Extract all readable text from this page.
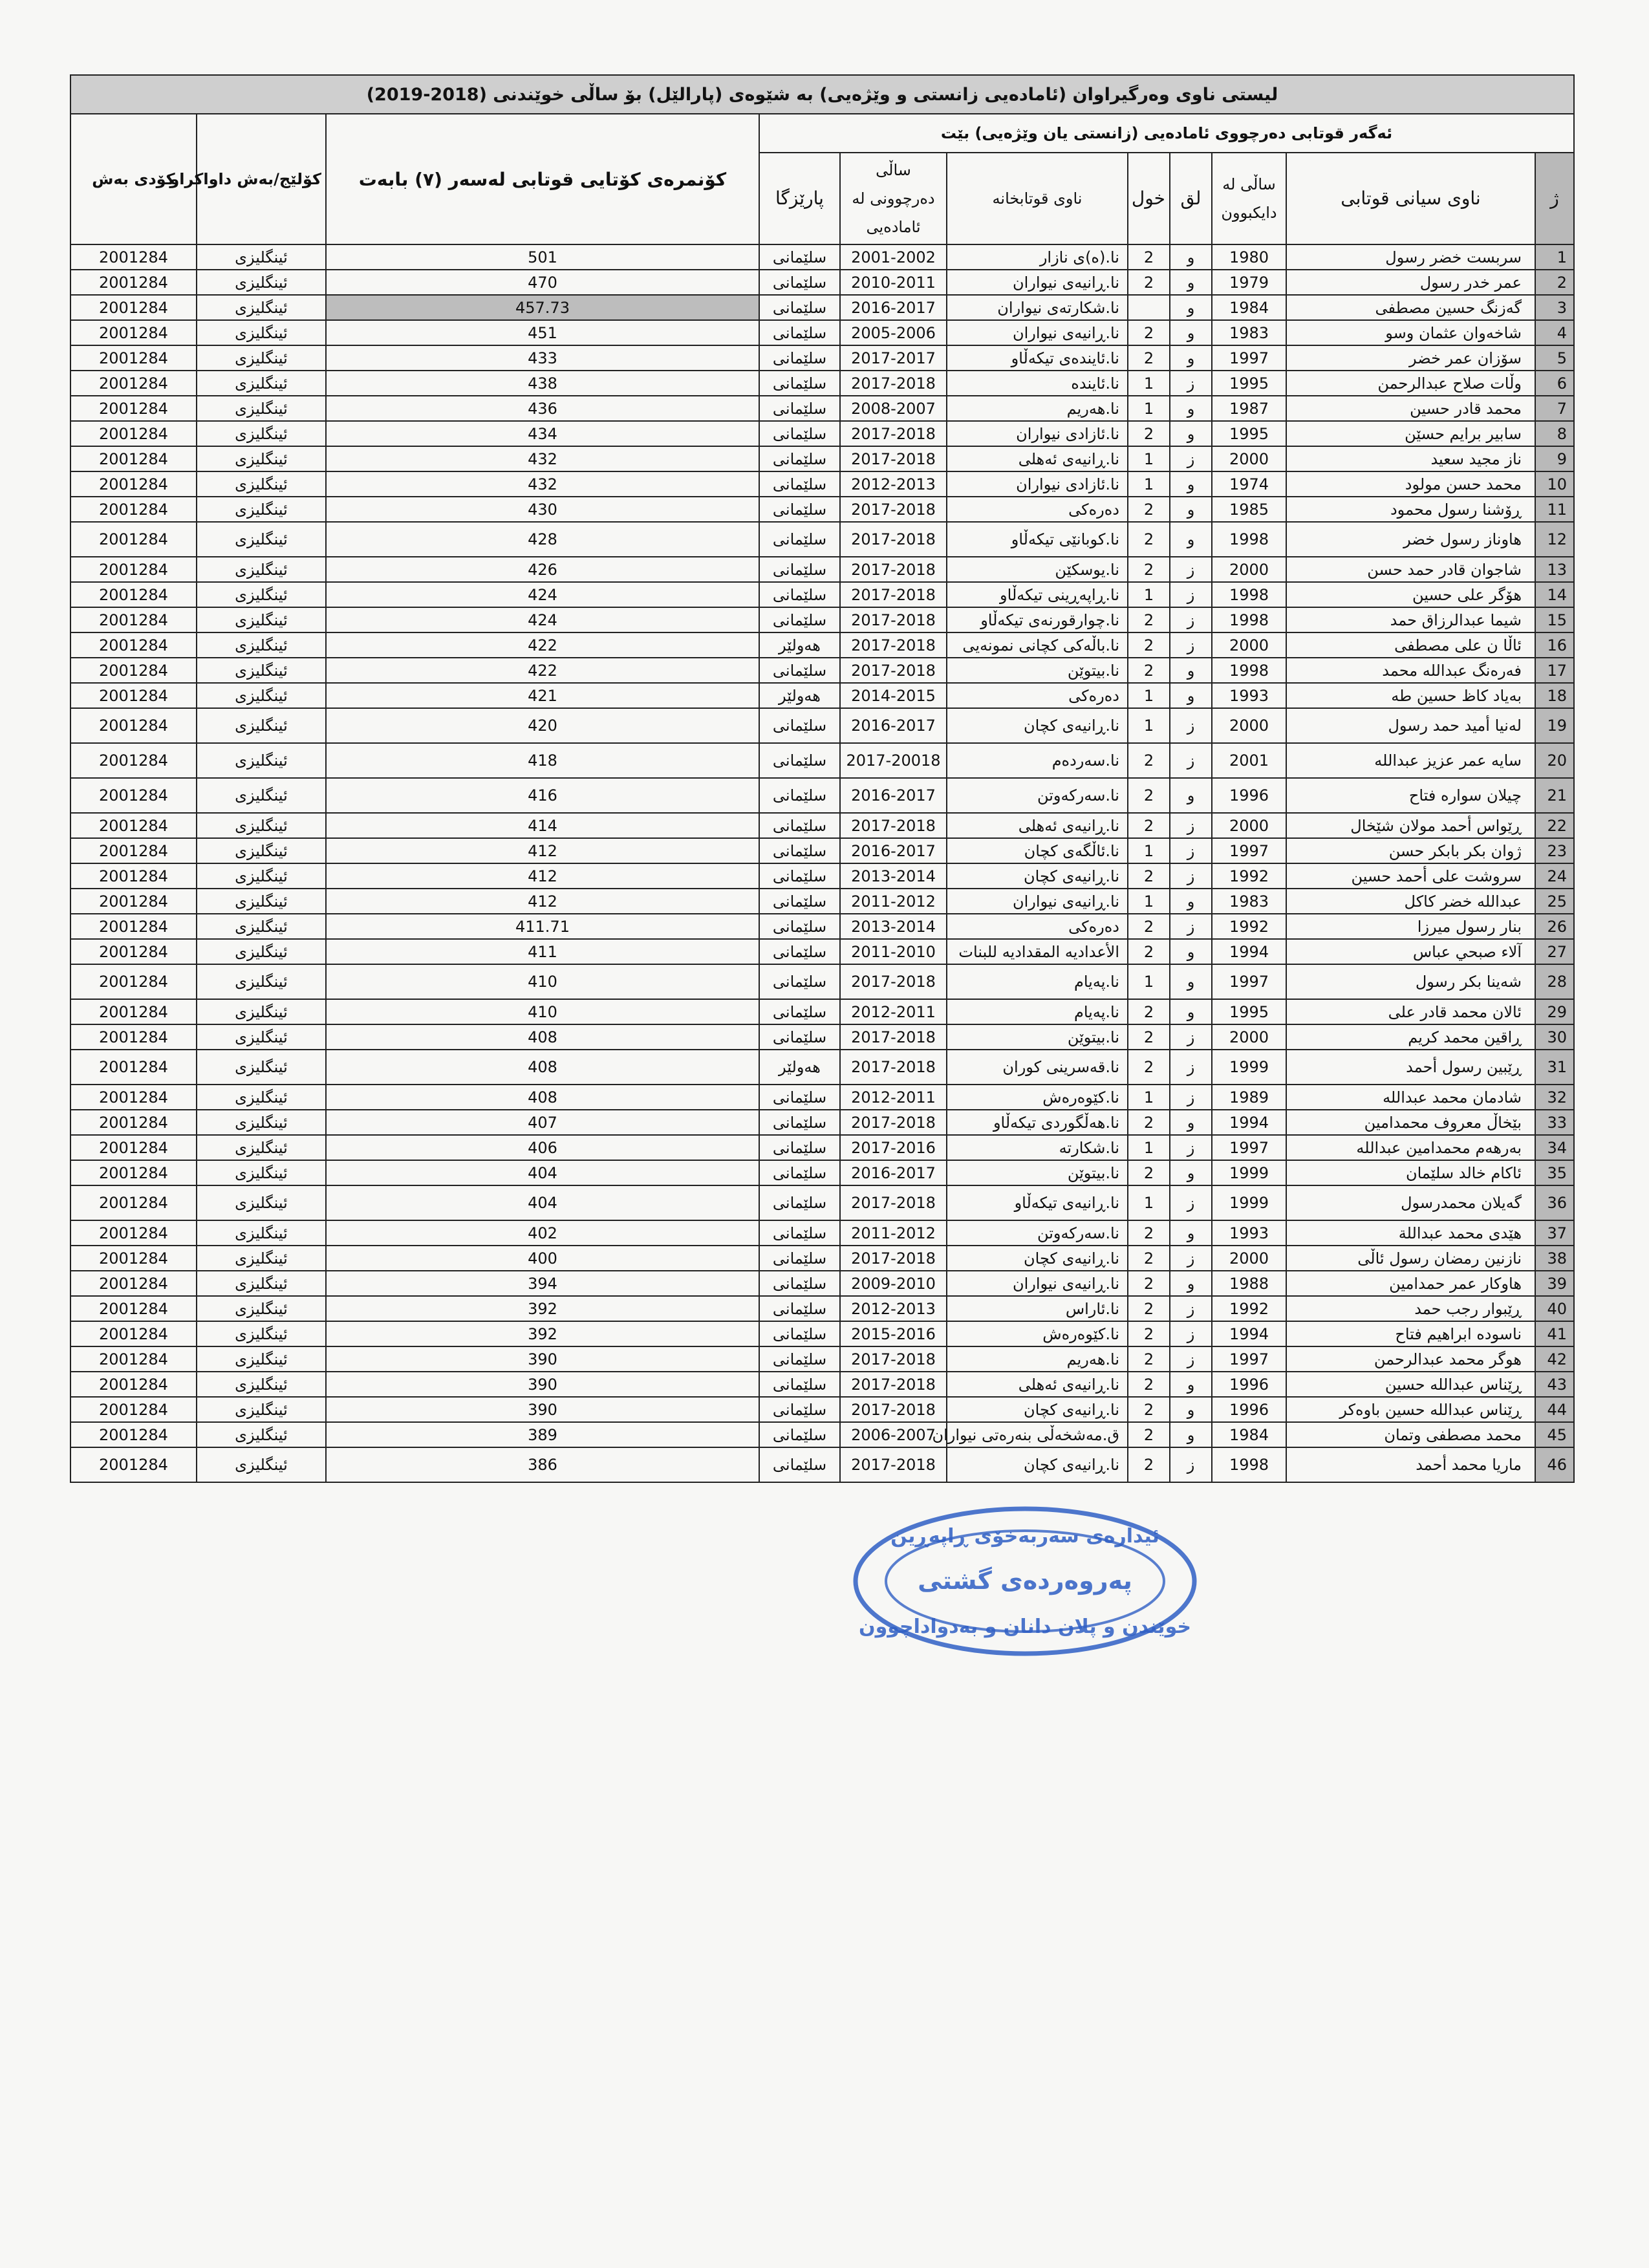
لیستی ناوی وەرگیراوان (ئامادەیی زانستی و وێژەیی) بە شێوەی (پارالێل) بۆ ساڵی خوێندنی (2018-2019)										
ئەگەر قوتابی دەرچووی ئامادەیی (زانستی یان وێژەیی) بێت								کۆنمرەی کۆتایی قوتابی لەسەر (٧) بابەت	کۆلێج/بەش داواکراو	کۆدی بەش
ژ	ناوی سیانی قوتابی	ساڵی لە دایکبوون	لق	خول	ناوی قوتابخانە	ساڵی دەرچوونی لە ئامادەیی	پارێزگا			
1	سربست خضر رسول	1980	و	2	نا.(ە)ی نازار	2001-2002	سلێمانی	501	ئینگلیزی	2001284
2	عمر خدر رسول	1979	و	2	نا.ڕانیەی نیواران	2010-2011	سلێمانی	470	ئینگلیزی	2001284
3	گەزنگ حسین مصطفی	1984	و		نا.شکارتەی نیواران	2016-2017	سلێمانی	457.73	ئینگلیزی	2001284
4	شاخەوان عثمان وسو	1983	و	2	نا.ڕانیەی نیواران	2005-2006	سلێمانی	451	ئینگلیزی	2001284
5	سۆزان عمر خضر	1997	و	2	نا.ئایندەی تیکەڵاو	2017-2017	سلێمانی	433	ئینگلیزی	2001284
6	وڵات صلاح عبدالرحمن	1995	ز	1	نا.ئایندە	2017-2018	سلێمانی	438	ئینگلیزی	2001284
7	محمد قادر حسین	1987	و	1	نا.هەریم	2008-2007	سلێمانی	436	ئینگلیزی	2001284
8	سابیر برایم حسێن	1995	و	2	نا.ئازادی نیواران	2017-2018	سلێمانی	434	ئینگلیزی	2001284
9	ناز مجید سعید	2000	ز	1	نا.ڕانیەی ئەهلی	2017-2018	سلێمانی	432	ئینگلیزی	2001284
10	محمد حسن مولود	1974	و	1	نا.ئازادی نیواران	2012-2013	سلێمانی	432	ئینگلیزی	2001284
11	ڕۆشنا رسول محمود	1985	و	2	دەرەکی	2017-2018	سلێمانی	430	ئینگلیزی	2001284
12	هاوناز رسول خضر	1998	و	2	نا.کوبانێی تیکەڵاو	2017-2018	سلێمانی	428	ئینگلیزی	2001284
13	شاجوان قادر حمد حسن	2000	ز	2	نا.یوسکێن	2017-2018	سلێمانی	426	ئینگلیزی	2001284
14	هۆگر علی حسین	1998	ز	1	نا.ڕاپەڕینی تیکەڵاو	2017-2018	سلێمانی	424	ئینگلیزی	2001284
15	شیما عبدالرزاق حمد	1998	ز	2	نا.چوارقورنەی تیکەڵاو	2017-2018	سلێمانی	424	ئینگلیزی	2001284
16	ئاڵا ن علی مصطفی	2000	ز	2	نا.باڵەکی کچانی نمونەیی	2017-2018	هەولێر	422	ئینگلیزی	2001284
17	فەرەنگ عبدالله محمد	1998	و	2	نا.بیتوێن	2017-2018	سلێمانی	422	ئینگلیزی	2001284
18	بەیاد کاظ حسین طه	1993	و	1	دەرەکی	2014-2015	هەولێر	421	ئینگلیزی	2001284
19	لەنیا أمید حمد رسول	2000	ز	1	نا.ڕانیەی کچان	2016-2017	سلێمانی	420	ئینگلیزی	2001284
20	سایە عمر عزیز عبدالله	2001	ز	2	نا.سەردەم	2017-20018	سلێمانی	418	ئینگلیزی	2001284
21	چیلان سوارە فتاح	1996	و	2	نا.سەرکەوتن	2016-2017	سلێمانی	416	ئینگلیزی	2001284
22	ڕێواس أحمد مولان شێخال	2000	ز	2	نا.ڕانیەی ئەهلی	2017-2018	سلێمانی	414	ئینگلیزی	2001284
23	ژوان بکر بابکر حسن	1997	ز	1	نا.ئاڵگەی کچان	2016-2017	سلێمانی	412	ئینگلیزی	2001284
24	سروشت علی أحمد حسین	1992	ز	2	نا.ڕانیەی کچان	2013-2014	سلێمانی	412	ئینگلیزی	2001284
25	عبدالله خضر کاکل	1983	و	1	نا.ڕانیەی نیواران	2011-2012	سلێمانی	412	ئینگلیزی	2001284
26	بنار رسول میرزا	1992	ز	2	دەرەکی	2013-2014	سلێمانی	411.71	ئینگلیزی	2001284
27	آلاء صبحي عباس	1994	و	2	الأعدادیە المقدادیە للبنات	2011-2010	سلێمانی	411	ئینگلیزی	2001284
28	شەینا بکر رسول	1997	و	1	نا.پەیام	2017-2018	سلێمانی	410	ئینگلیزی	2001284
29	ئالان محمد قادر علی	1995	و	2	نا.پەیام	2012-2011	سلێمانی	410	ئینگلیزی	2001284
30	ڕاقین محمد کریم	2000	ز	2	نا.بیتوێن	2017-2018	سلێمانی	408	ئینگلیزی	2001284
31	ڕێبین رسول أحمد	1999	ز	2	نا.قەسرینی کوران	2017-2018	هەولێر	408	ئینگلیزی	2001284
32	شادمان محمد عبدالله	1989	ز	1	نا.کێوەرەش	2012-2011	سلێمانی	408	ئینگلیزی	2001284
33	بێخاڵ معروف محمدامین	1994	و	2	نا.هەڵگوردی تیکەڵاو	2017-2018	سلێمانی	407	ئینگلیزی	2001284
34	بەرهەم محمدامین عبدالله	1997	ز	1	نا.شکارتە	2017-2016	سلێمانی	406	ئینگلیزی	2001284
35	ئاکام خالد سلێمان	1999	و	2	نا.بیتوێن	2016-2017	سلێمانی	404	ئینگلیزی	2001284
36	گەیلان محمدرسول	1999	ز	1	نا.ڕانیەی تیکەڵاو	2017-2018	سلێمانی	404	ئینگلیزی	2001284
37	هێدی محمد عبداللة	1993	و	2	نا.سەرکەوتن	2011-2012	سلێمانی	402	ئینگلیزی	2001284
38	نازنین رمضان رسول ئاڵی	2000	ز	2	نا.ڕانیەی کچان	2017-2018	سلێمانی	400	ئینگلیزی	2001284
39	هاوکار عمر حمدامین	1988	و	2	نا.ڕانیەی نیواران	2009-2010	سلێمانی	394	ئینگلیزی	2001284
40	ڕێبوار رجب حمد	1992	ز	2	نا.ئاراس	2012-2013	سلێمانی	392	ئینگلیزی	2001284
41	ناسودە ابراهیم فتاح	1994	ز	2	نا.کێوەرەش	2015-2016	سلێمانی	392	ئینگلیزی	2001284
42	هوگر محمد عبدالرحمن	1997	ز	2	نا.هەریم	2017-2018	سلێمانی	390	ئینگلیزی	2001284
43	ڕێناس عبدالله حسین	1996	و	2	نا.ڕانیەی ئەهلی	2017-2018	سلێمانی	390	ئینگلیزی	2001284
44	ڕێناس عبدالله حسین باوەکر	1996	و	2	نا.ڕانیەی کچان	2017-2018	سلێمانی	390	ئینگلیزی	2001284
45	محمد مصطفی وتمان	1984	و	2	ق.مەشخەڵی بنەرەتی نیواران	2006-2007	سلێمانی	389	ئینگلیزی	2001284
46	ماریا محمد أحمد	1998	ز	2	نا.ڕانیەی کچان	2017-2018	سلێمانی	386	ئینگلیزی	2001284
ئیدارەی سەربەخۆی ڕاپەڕین
پەروەردەی گشتی
خوێندن و پلان دانان و بەدواداچوون
